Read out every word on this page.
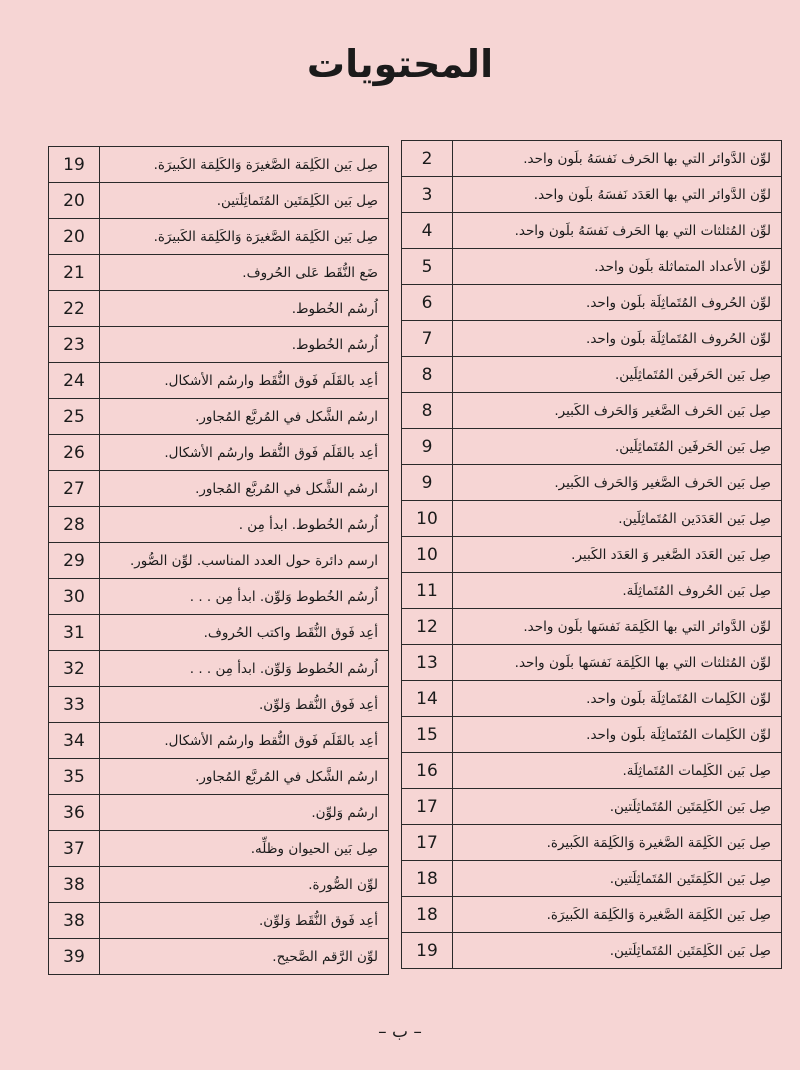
المحتويات
لوِّن الدَّوائر التي بها الحَرف نَفسَهُ بلَون واحد.	2
لوِّن الدَّوائر التي بها العَدَد نَفسَهُ بلَون واحد.	3
لوِّن المُثلثات التي بها الحَرف نَفسَهُ بلَون واحد.	4
لوِّن الأعداد المتماثلة بلَون واحد.	5
لوِّن الحُروف المُتَماثِلَة بلَون واحد.	6
لوِّن الحُروف المُتَماثِلَة بلَون واحد.	7
صِل بَين الحَرفَين المُتَماثِلَين.	8
صِل بَين الحَرف الصَّغير وَالحَرف الكَبير.	8
صِل بَين الحَرفَين المُتَماثِلَين.	9
صِل بَين الحَرف الصَّغير وَالحَرف الكَبير.	9
صِل بَين العَدَدَين المُتَماثِلَين.	10
صِل بَين العَدَد الصَّغير وَ العَدَد الكَبير.	10
صِل بَين الحُروف المُتَماثِلَة.	11
لوِّن الدَّوائر التي بها الكَلِمَة نَفسَها بلَون واحد.	12
لوِّن المُثلثات التي بها الكَلِمَة نَفسَها بلَون واحد.	13
لوِّن الكَلِمات المُتَماثِلَة بلَون واحد.	14
لوِّن الكَلِمات المُتَماثِلَة بلَون واحد.	15
صِل بَين الكَلِمات المُتَماثِلَة.	16
صِل بَين الكَلِمَتَين المُتَماثِلَتين.	17
صِل بَين الكَلِمَة الصَّغيرة وَالكَلِمَة الكَبيرة.	17
صِل بَين الكَلِمَتَين المُتَماثِلَتين.	18
صِل بَين الكَلِمَة الصَّغيرة وَالكَلِمَة الكَبيرَة.	18
صِل بَين الكَلِمَتَين المُتَماثِلَتين.	19
صِل بَين الكَلِمَة الصَّغيرَة وَالكَلِمَة الكَبيرَة.	19
صِل بَين الكَلِمَتَين المُتَماثِلَتين.	20
صِل بَين الكَلِمَة الصَّغيرَة وَالكَلِمَة الكَبيرَة.	20
ضَع النُّقَط عَلى الحُروف.	21
اُرسُم الخُطوط.	22
اُرسُم الخُطوط.	23
أعِد بالقَلَم فَوق النُّقَط وارسُم الأشكال.	24
ارسُم الشَّكل في المُربَّع المُجاور.	25
أعِد بالقَلَم فَوق النُّقط وارسُم الأشكال.	26
ارسُم الشَّكل في المُربَّع المُجاور.	27
اُرسُم الخُطوط. ابدأ مِن .	28
ارسم دائرة حول العدد المناسب. لوِّن الصُّور.	29
اُرسُم الخُطوط وَلوِّن. ابدأ مِن . . .	30
أعِد فَوق النُّقَط واكتب الحُروف.	31
اُرسُم الخُطوط وَلوِّن. ابدأ مِن . . .	32
أعِد فَوق النُّقط وَلوِّن.	33
أعِد بالقَلَم فَوق النُّقط وارسُم الأشكال.	34
ارسُم الشَّكل في المُربَّع المُجاور.	35
ارسُم وَلوِّن.	36
صِل بَين الحيوان وظلِّه.	37
لوِّن الصُّورة.	38
أعِد فَوق النُّقَط وَلوِّن.	38
لوِّن الرَّقم الصَّحيح.	39
– ب –
